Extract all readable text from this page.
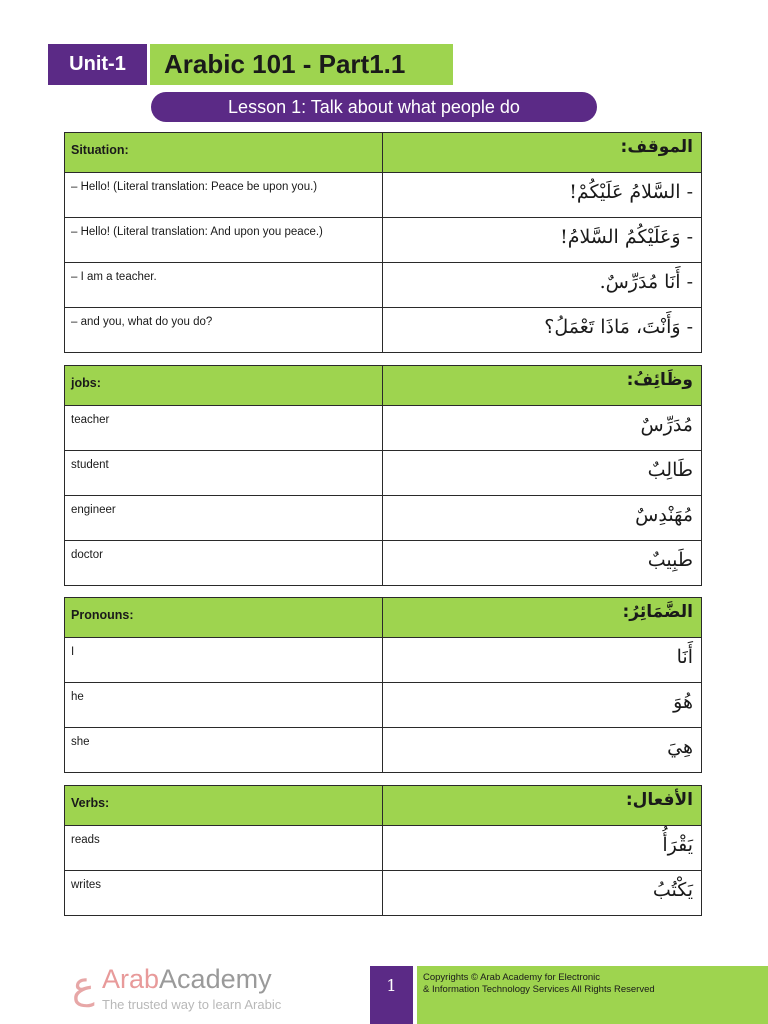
Unit-1	Arabic 101 - Part1.1
Lesson 1: Talk about what people do
Situation:	الموقف:
– Hello! (Literal translation: Peace be upon you.)	- السَّلامُ عَلَيْكُمْ!
– Hello! (Literal translation: And upon you peace.)	- وَعَلَيْكُمُ السَّلامُ!
– I am a teacher.	- أَنَا مُدَرِّسٌ.
– and you, what do you do?	- وَأَنْتَ، مَاذَا تَعْمَلُ؟
jobs:	وظَائِفُ:
teacher	مُدَرِّسٌ
student	طَالِبٌ
engineer	مُهَنْدِسٌ
doctor	طَبِيبٌ
Pronouns:	الضَّمَائِرُ:
I	أَنَا
he	هُوَ
she	هِيَ
Verbs:	الأفعال:
reads	يَقْرَأُ
writes	يَكْتُبُ
ع ArabAcademy
The trusted way to learn Arabic
1	Copyrights © Arab Academy for Electronic
& Information Technology Services All Rights Reserved
